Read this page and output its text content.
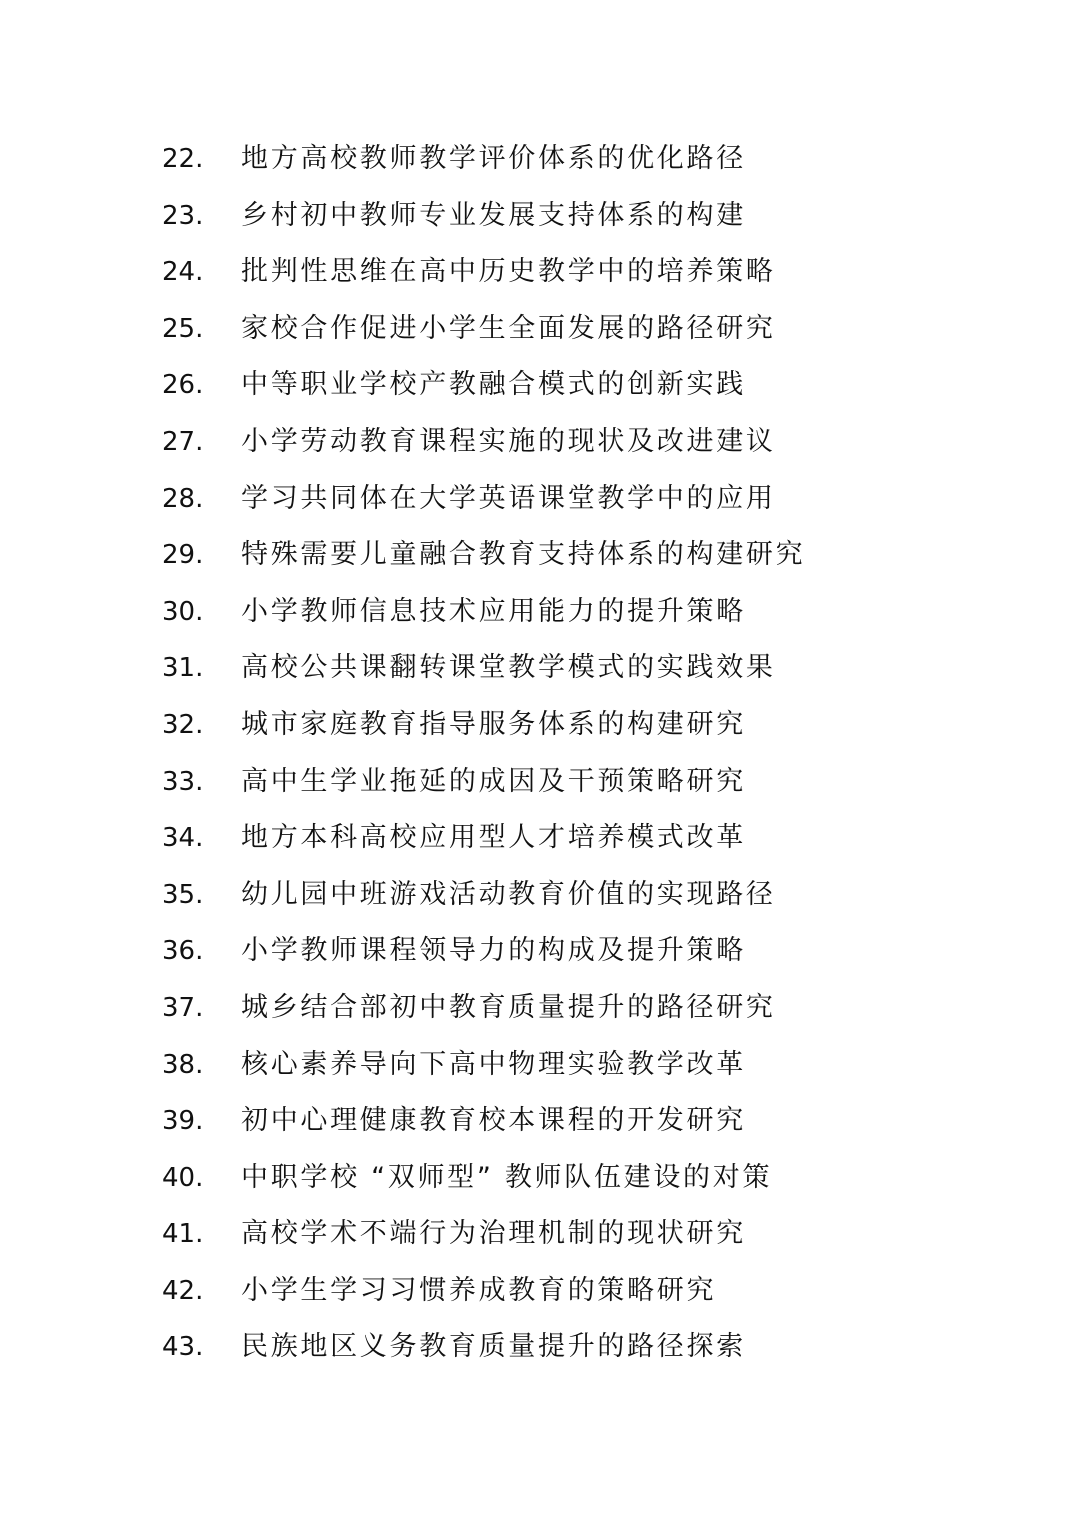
22. 地方高校教师教学评价体系的优化路径
23. 乡村初中教师专业发展支持体系的构建
24. 批判性思维在高中历史教学中的培养策略
25. 家校合作促进小学生全面发展的路径研究
26. 中等职业学校产教融合模式的创新实践
27. 小学劳动教育课程实施的现状及改进建议
28. 学习共同体在大学英语课堂教学中的应用
29. 特殊需要儿童融合教育支持体系的构建研究
30. 小学教师信息技术应用能力的提升策略
31. 高校公共课翻转课堂教学模式的实践效果
32. 城市家庭教育指导服务体系的构建研究
33. 高中生学业拖延的成因及干预策略研究
34. 地方本科高校应用型人才培养模式改革
35. 幼儿园中班游戏活动教育价值的实现路径
36. 小学教师课程领导力的构成及提升策略
37. 城乡结合部初中教育质量提升的路径研究
38. 核心素养导向下高中物理实验教学改革
39. 初中心理健康教育校本课程的开发研究
40. 中职学校 “双师型” 教师队伍建设的对策
41. 高校学术不端行为治理机制的现状研究
42. 小学生学习习惯养成教育的策略研究
43. 民族地区义务教育质量提升的路径探索
